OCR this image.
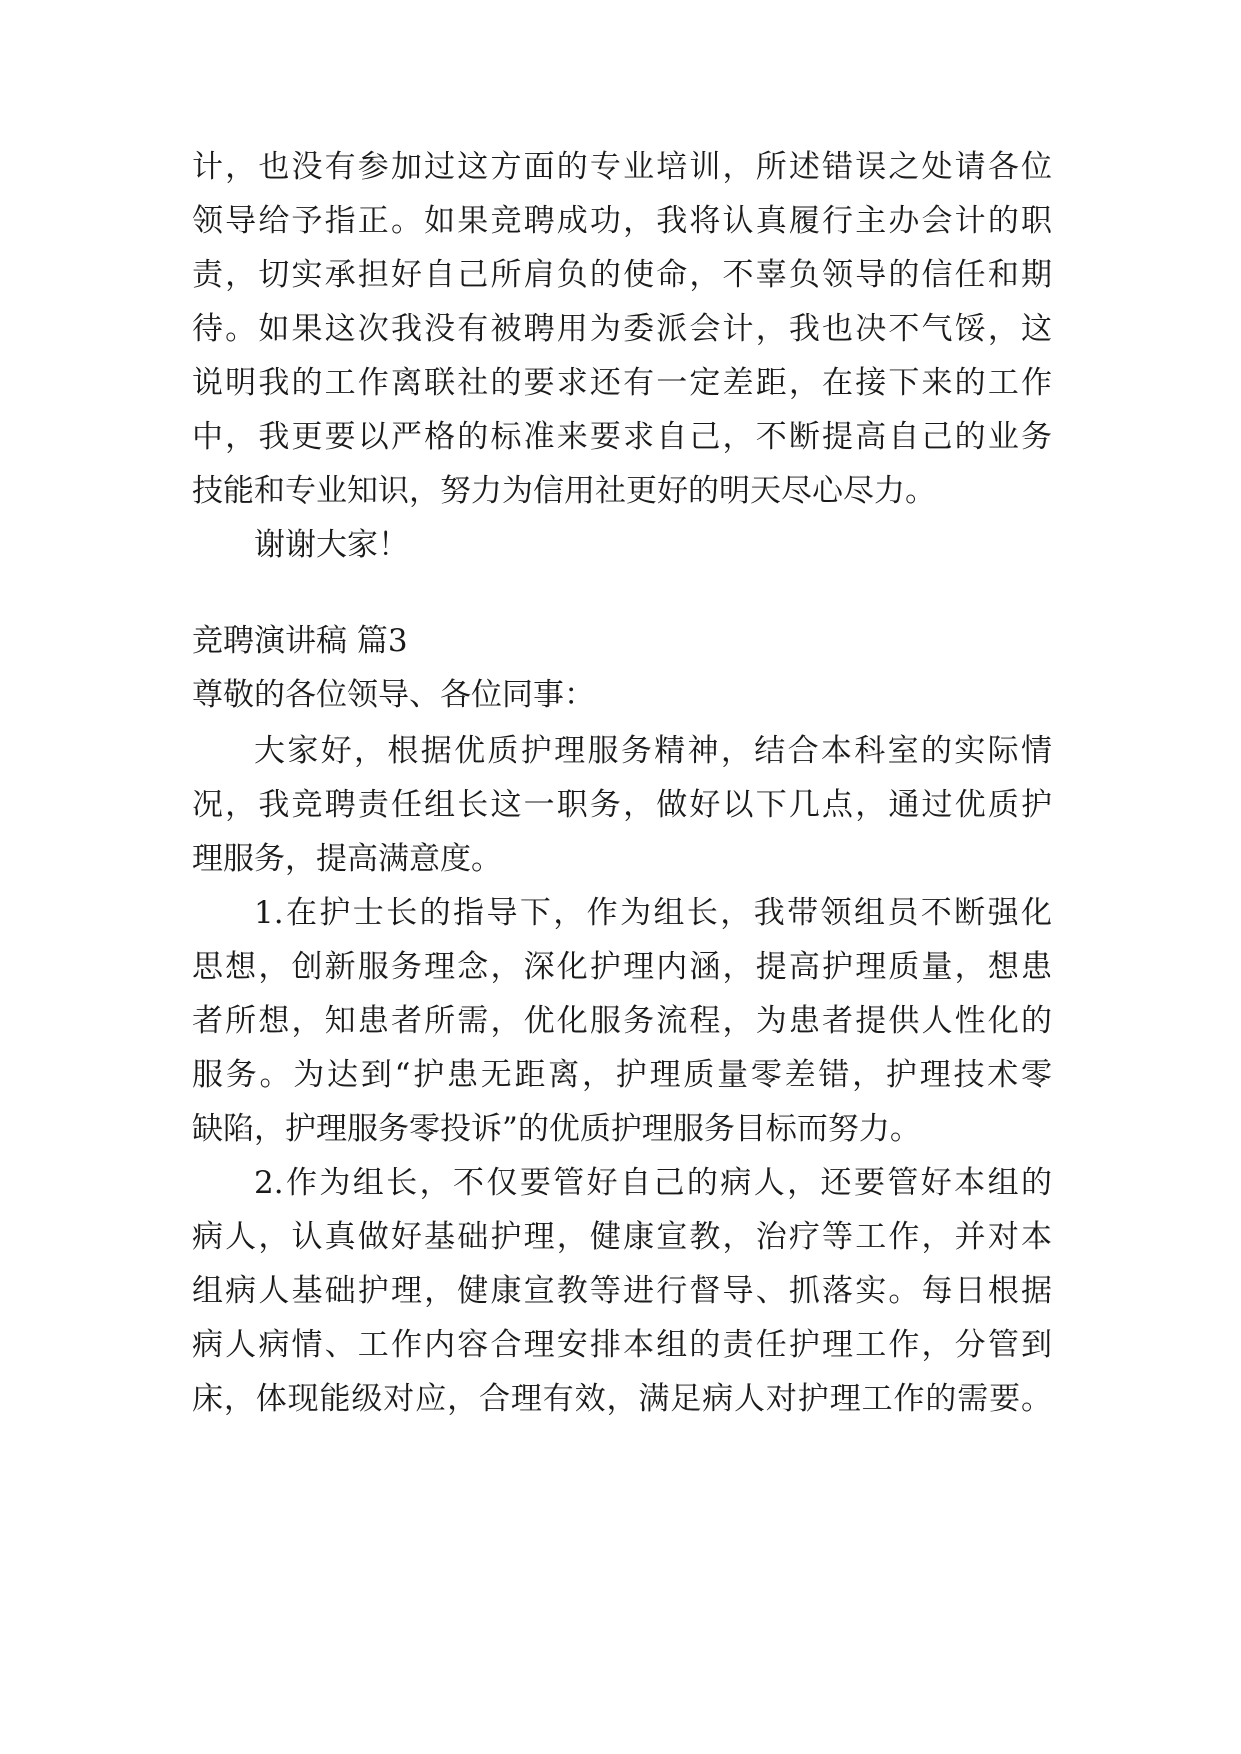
计，也没有参加过这方面的专业培训，所述错误之处请各位
领导给予指正。如果竞聘成功，我将认真履行主办会计的职
责，切实承担好自己所肩负的使命，不辜负领导的信任和期
待。如果这次我没有被聘用为委派会计，我也决不气馁，这
说明我的工作离联社的要求还有一定差距，在接下来的工作
中，我更要以严格的标准来要求自己，不断提高自己的业务
技能和专业知识，努力为信用社更好的明天尽心尽力。
谢谢大家！
竞聘演讲稿 篇3
尊敬的各位领导、各位同事：
大家好，根据优质护理服务精神，结合本科室的实际情
况，我竞聘责任组长这一职务，做好以下几点，通过优质护
理服务，提高满意度。
1.在护士长的指导下，作为组长，我带领组员不断强化
思想，创新服务理念，深化护理内涵，提高护理质量，想患
者所想，知患者所需，优化服务流程，为患者提供人性化的
服务。为达到“护患无距离，护理质量零差错，护理技术零
缺陷，护理服务零投诉”的优质护理服务目标而努力。
2.作为组长，不仅要管好自己的病人，还要管好本组的
病人，认真做好基础护理，健康宣教，治疗等工作，并对本
组病人基础护理，健康宣教等进行督导、抓落实。每日根据
病人病情、工作内容合理安排本组的责任护理工作，分管到
床，体现能级对应，合理有效，满足病人对护理工作的需要。
